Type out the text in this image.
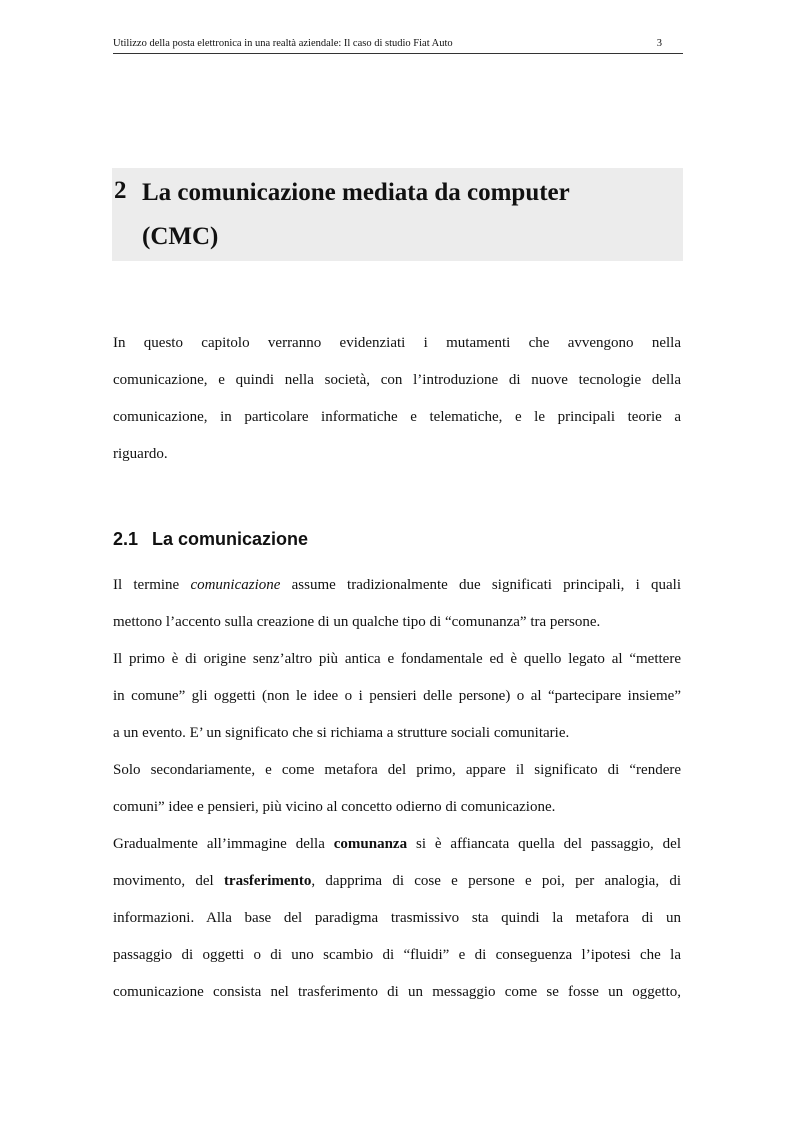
Utilizzo della posta elettronica in una realtà aziendale: Il caso di studio Fiat Auto	3
2 La comunicazione mediata da computer
(CMC)
In questo capitolo verranno evidenziati i mutamenti che avvengono nella
comunicazione, e quindi nella società, con l’introduzione di nuove tecnologie della
comunicazione, in particolare informatiche e telematiche, e le principali teorie a
riguardo.
2.1 La comunicazione
Il termine comunicazione assume tradizionalmente due significati principali, i quali
mettono l’accento sulla creazione di un qualche tipo di “comunanza” tra persone.
Il primo è di origine senz’altro più antica e fondamentale ed è quello legato al “mettere
in comune” gli oggetti (non le idee o i pensieri delle persone) o al “partecipare insieme”
a un evento. E’ un significato che si richiama a strutture sociali comunitarie.
Solo secondariamente, e come metafora del primo, appare il significato di “rendere
comuni” idee e pensieri, più vicino al concetto odierno di comunicazione.
Gradualmente all’immagine della comunanza si è affiancata quella del passaggio, del
movimento, del trasferimento, dapprima di cose e persone e poi, per analogia, di
informazioni. Alla base del paradigma trasmissivo sta quindi la metafora di un
passaggio di oggetti o di uno scambio di “fluidi” e di conseguenza l’ipotesi che la
comunicazione consista nel trasferimento di un messaggio come se fosse un oggetto,
